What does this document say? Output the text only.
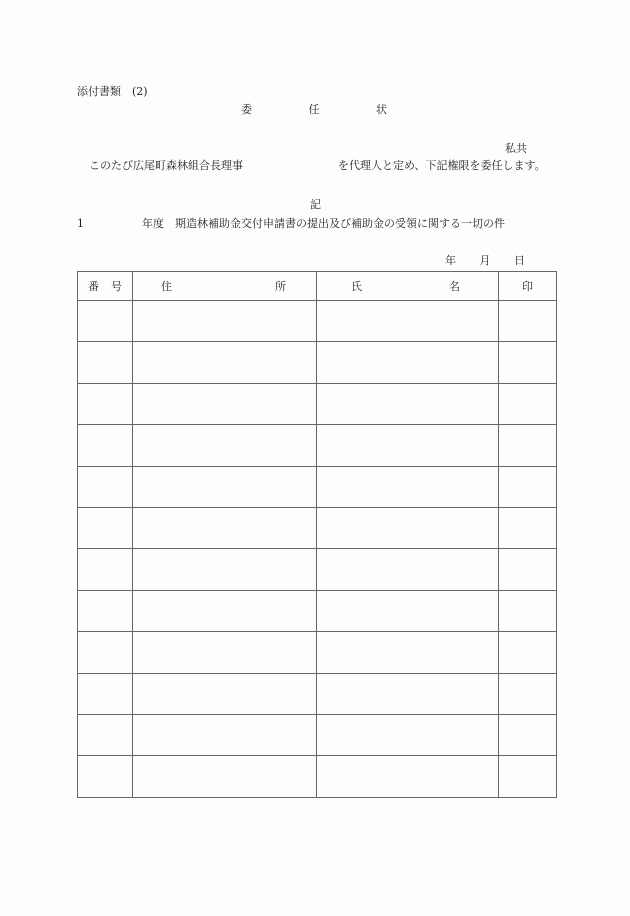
添付書類　(2)
委	任	状
私共
このたび広尾町森林組合長理事	を代理人と定め、下記権限を委任します。
記
1	年度　期造林補助金交付申請書の提出及び補助金の受領に関する一切の件
年 月 日
番 号	住 所	氏 名	印
